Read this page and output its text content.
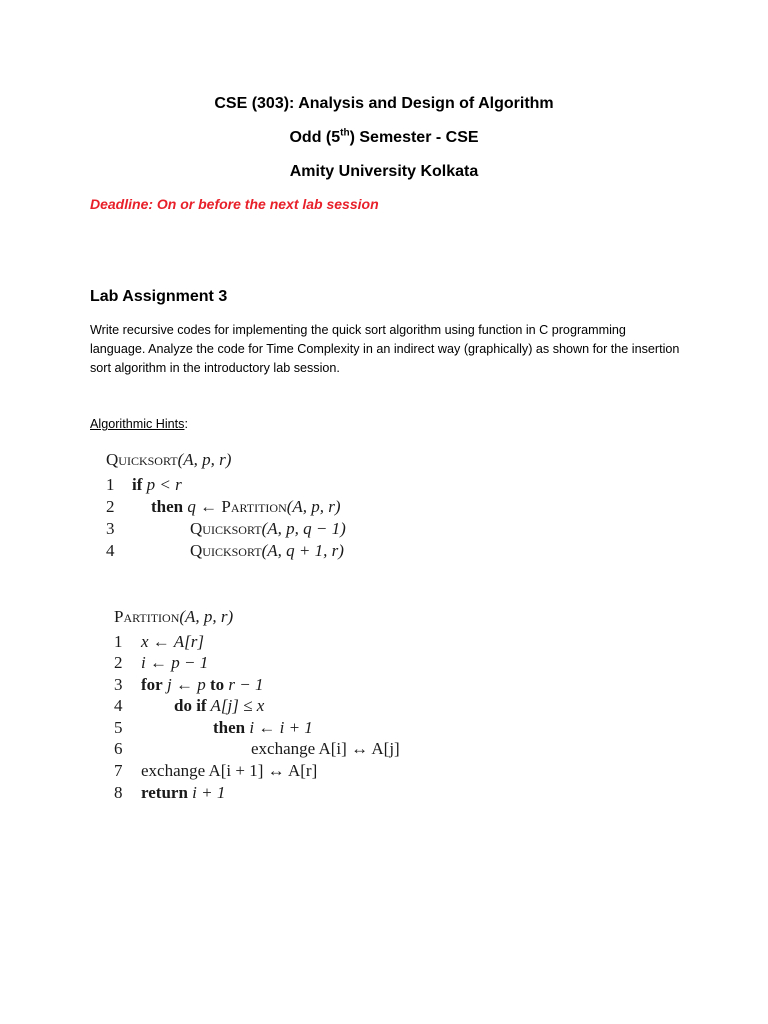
CSE (303): Analysis and Design of Algorithm
Odd (5th) Semester - CSE
Amity University Kolkata
Deadline: On or before the next lab session
Lab Assignment 3

Write recursive codes for implementing the quick sort algorithm using function in C programming language. Analyze the code for Time Complexity in an indirect way (graphically) as shown for the insertion sort algorithm in the introductory lab session.

Algorithmic Hints:
Quicksort(A, p, r)
1	if p < r
2	then q ← Partition(A, p, r)
3	Quicksort(A, p, q − 1)
4	Quicksort(A, q + 1, r)
Partition(A, p, r)
1	x ← A[r]
2	i ← p − 1
3	for j ← p to r − 1
4	do if A[j] ≤ x
5	then i ← i + 1
6	exchange A[i] ↔ A[j]
7	exchange A[i + 1] ↔ A[r]
8	return i + 1
